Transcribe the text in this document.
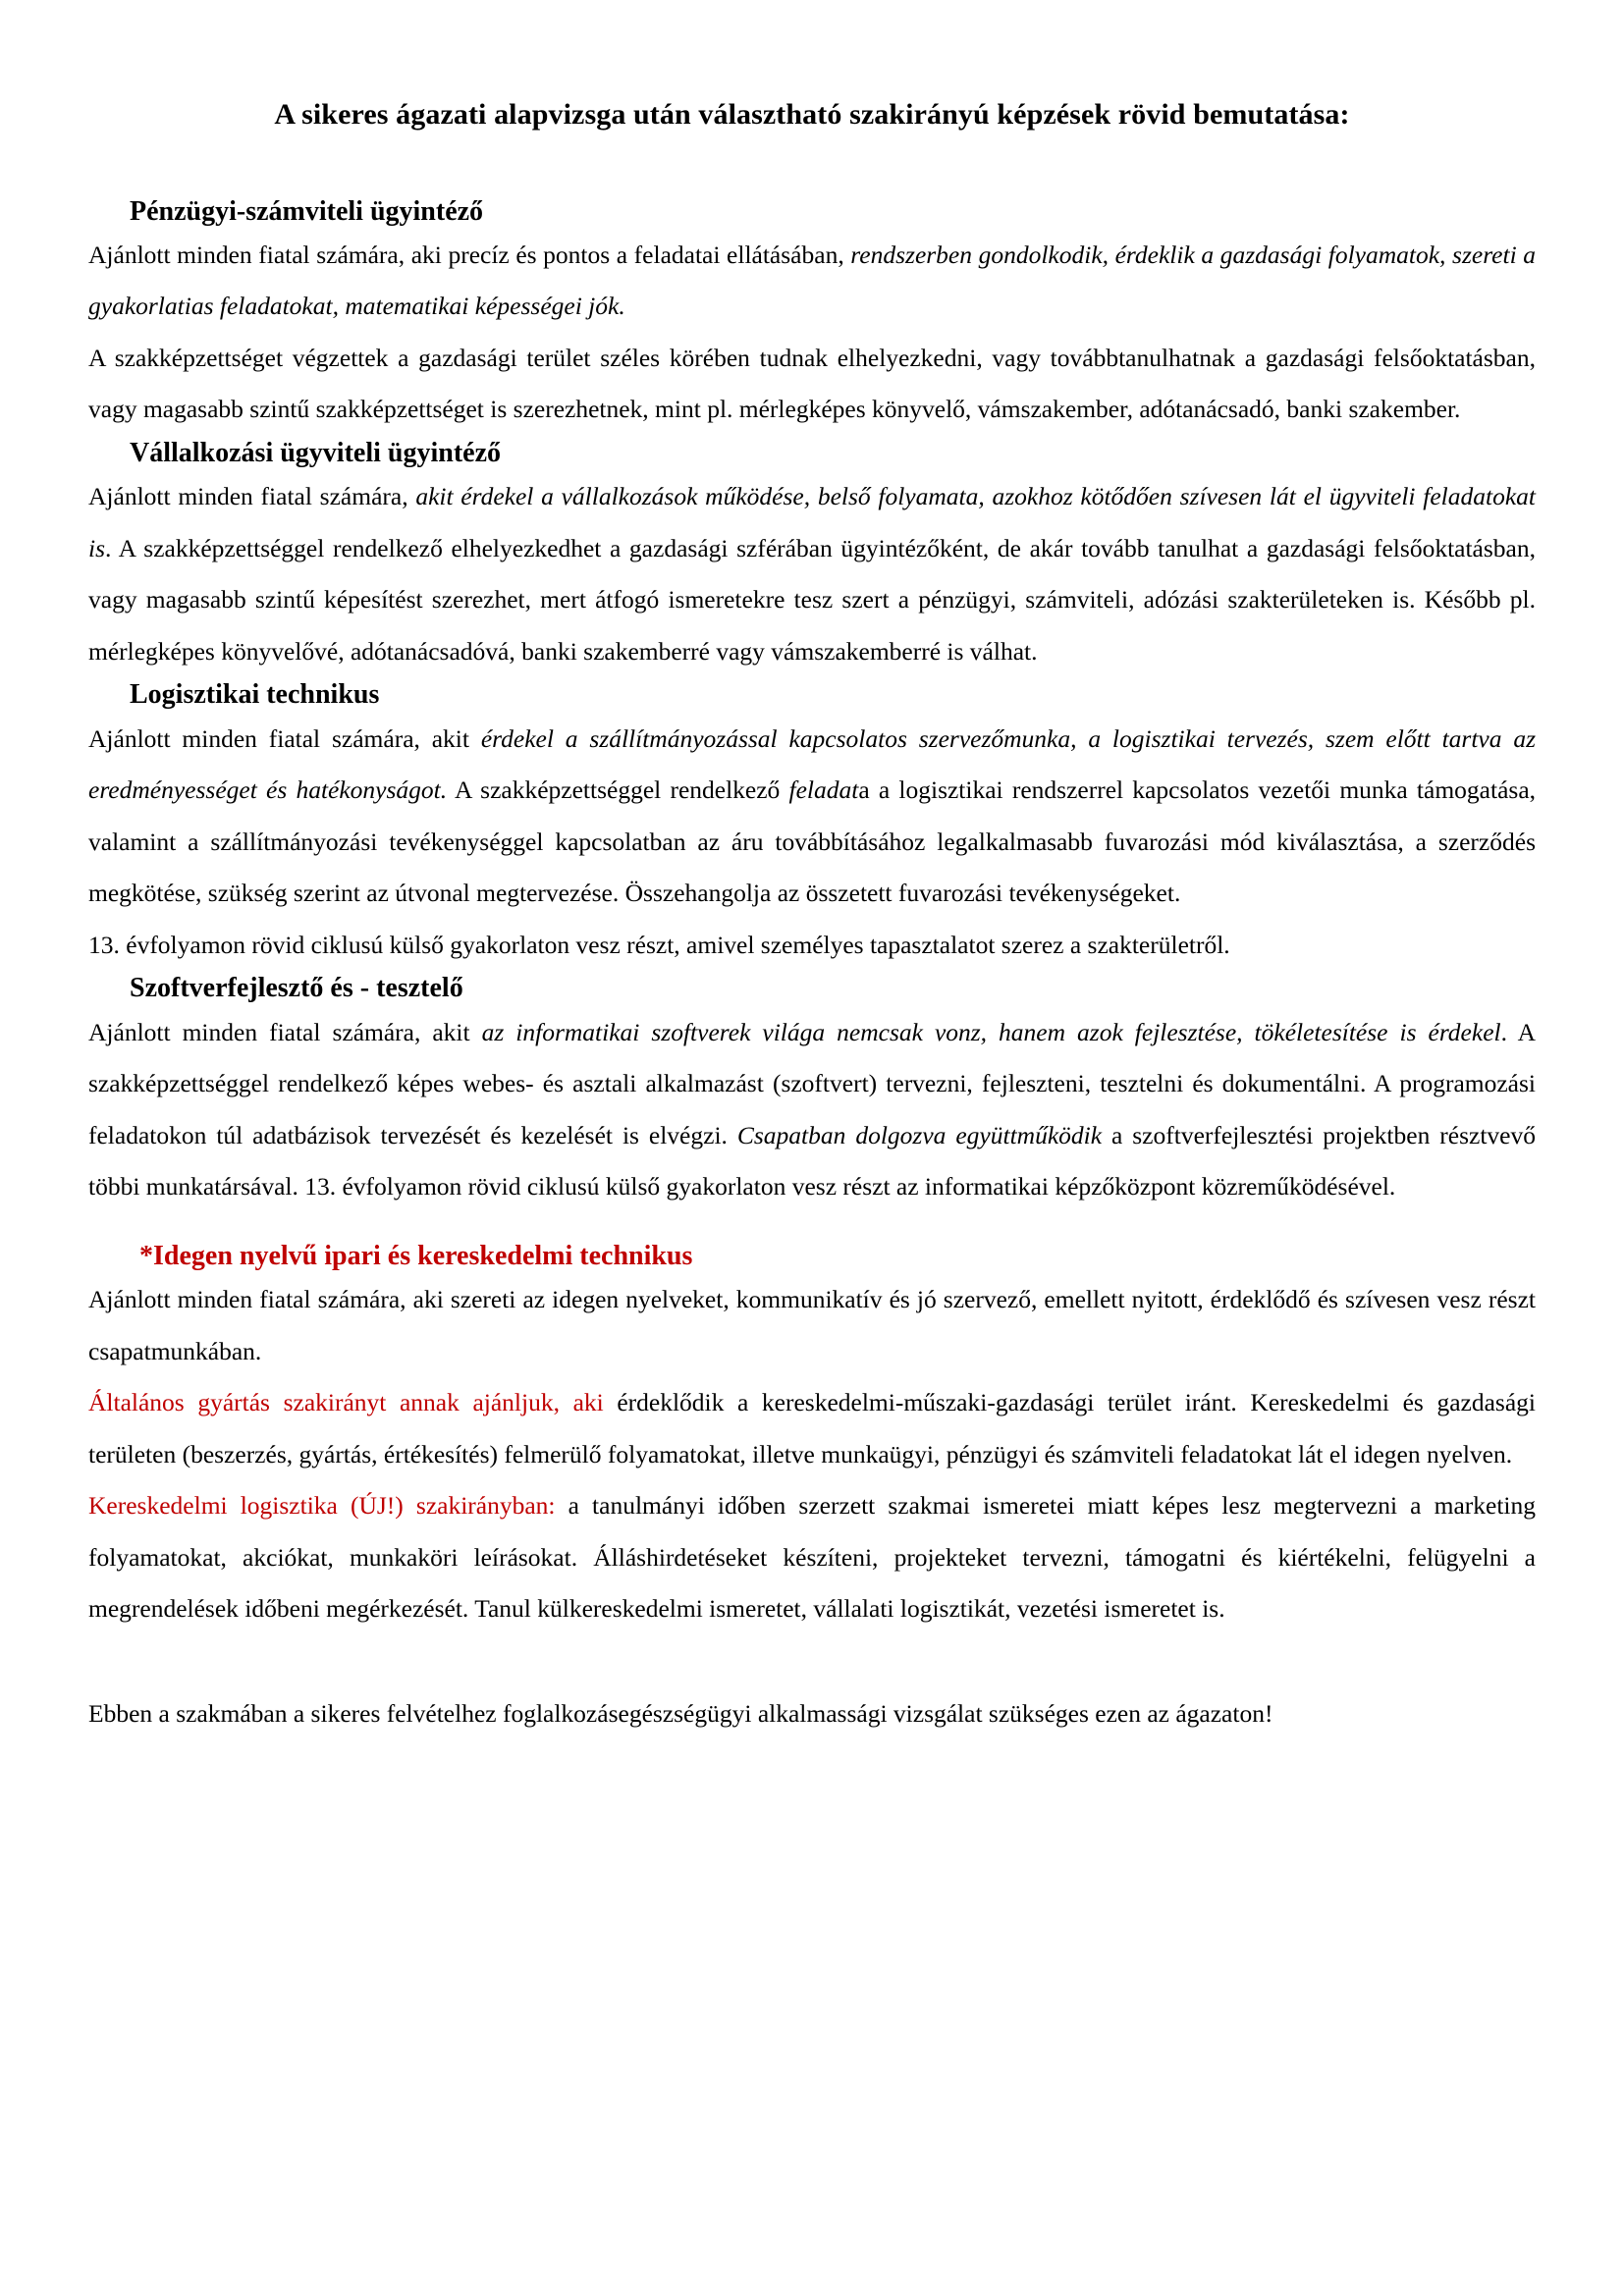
A sikeres ágazati alapvizsga után választható szakirányú képzések rövid bemutatása:
Pénzügyi-számviteli ügyintéző

Ajánlott minden fiatal számára, aki precíz és pontos a feladatai ellátásában, rendszerben gondolkodik, érdeklik a gazdasági folyamatok, szereti a gyakorlatias feladatokat, matematikai képességei jók.

A szakképzettséget végzettek a gazdasági terület széles körében tudnak elhelyezkedni, vagy továbbtanulhatnak a gazdasági felsőoktatásban, vagy magasabb szintű szakképzettséget is szerezhetnek, mint pl. mérlegképes könyvelő, vámszakember, adótanácsadó, banki szakember.

Vállalkozási ügyviteli ügyintéző

Ajánlott minden fiatal számára, akit érdekel a vállalkozások működése, belső folyamata, azokhoz kötődően szívesen lát el ügyviteli feladatokat is. A szakképzettséggel rendelkező elhelyezkedhet a gazdasági szférában ügyintézőként, de akár tovább tanulhat a gazdasági felsőoktatásban, vagy magasabb szintű képesítést szerezhet, mert átfogó ismeretekre tesz szert a pénzügyi, számviteli, adózási szakterületeken is. Később pl. mérlegképes könyvelővé, adótanácsadóvá, banki szakemberré vagy vámszakemberré is válhat.

Logisztikai technikus

Ajánlott minden fiatal számára, akit érdekel a szállítmányozással kapcsolatos szervezőmunka, a logisztikai tervezés, szem előtt tartva az eredményességet és hatékonyságot. A szakképzettséggel rendelkező feladata a logisztikai rendszerrel kapcsolatos vezetői munka támogatása, valamint a szállítmányozási tevékenységgel kapcsolatban az áru továbbításához legalkalmasabb fuvarozási mód kiválasztása, a szerződés megkötése, szükség szerint az útvonal megtervezése. Összehangolja az összetett fuvarozási tevékenységeket.

13. évfolyamon rövid ciklusú külső gyakorlaton vesz részt, amivel személyes tapasztalatot szerez a szakterületről.

Szoftverfejlesztő és - tesztelő

Ajánlott minden fiatal számára, akit az informatikai szoftverek világa nemcsak vonz, hanem azok fejlesztése, tökéletesítése is érdekel. A szakképzettséggel rendelkező képes webes- és asztali alkalmazást (szoftvert) tervezni, fejleszteni, tesztelni és dokumentálni. A programozási feladatokon túl adatbázisok tervezését és kezelését is elvégzi. Csapatban dolgozva együttműködik a szoftverfejlesztési projektben résztvevő többi munkatársával. 13. évfolyamon rövid ciklusú külső gyakorlaton vesz részt az informatikai képzőközpont közreműködésével.

*Idegen nyelvű ipari és kereskedelmi technikus

Ajánlott minden fiatal számára, aki szereti az idegen nyelveket, kommunikatív és jó szervező, emellett nyitott, érdeklődő és szívesen vesz részt csapatmunkában.

Általános gyártás szakirányt annak ajánljuk, aki érdeklődik a kereskedelmi-műszaki-gazdasági terület iránt. Kereskedelmi és gazdasági területen (beszerzés, gyártás, értékesítés) felmerülő folyamatokat, illetve munkaügyi, pénzügyi és számviteli feladatokat lát el idegen nyelven.

Kereskedelmi logisztika (ÚJ!) szakirányban: a tanulmányi időben szerzett szakmai ismeretei miatt képes lesz megtervezni a marketing folyamatokat, akciókat, munkaköri leírásokat. Álláshirdetéseket készíteni, projekteket tervezni, támogatni és kiértékelni, felügyelni a megrendelések időbeni megérkezését. Tanul külkereskedelmi ismeretet, vállalati logisztikát, vezetési ismeretet is.

Ebben a szakmában a sikeres felvételhez foglalkozásegészségügyi alkalmassági vizsgálat szükséges ezen az ágazaton!
